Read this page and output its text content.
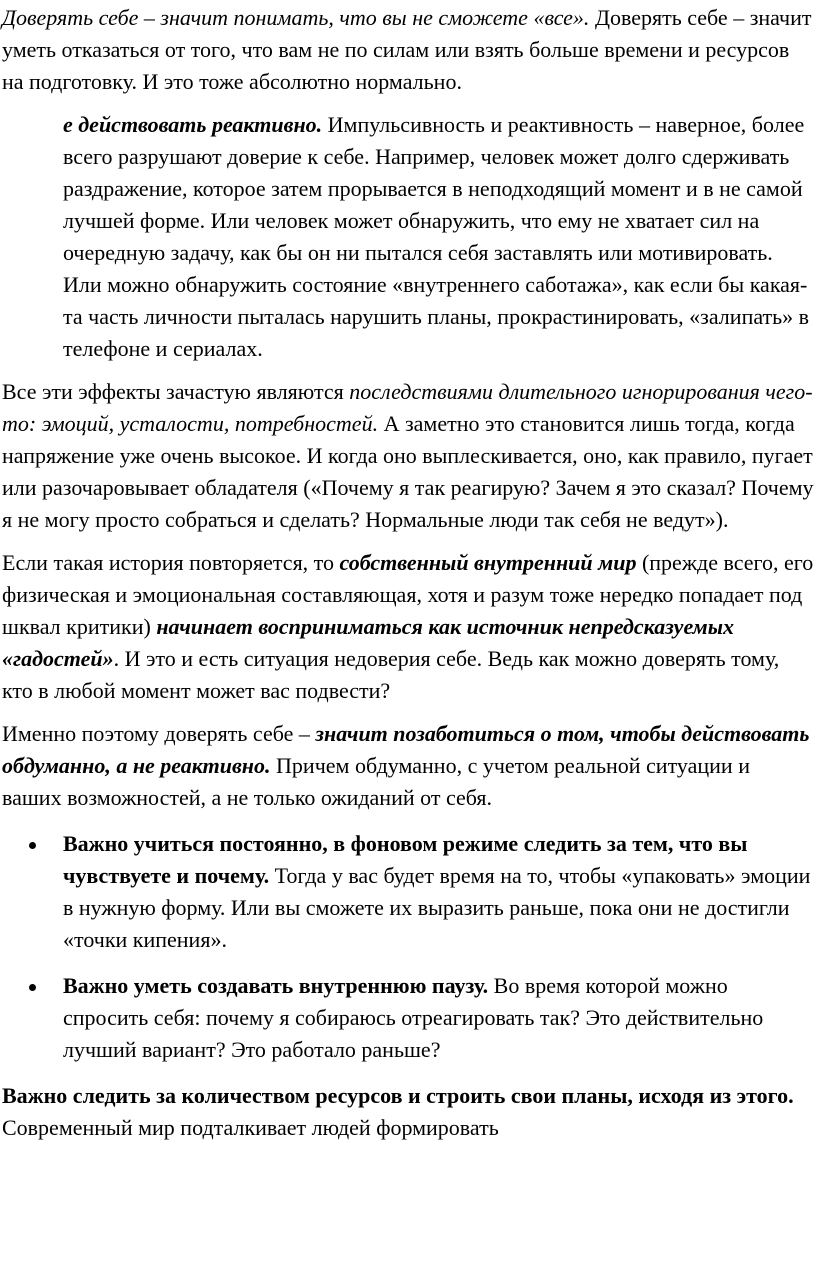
Доверять себе – значит понимать, что вы не сможете «все». Доверять себе – значит уметь отказаться от того, что вам не по силам или взять больше времени и ресурсов на подготовку. И это тоже абсолютно нормально.

е действовать реактивно. Импульсивность и реактивность – наверное, более всего разрушают доверие к себе. Например, человек может долго сдерживать раздражение, которое затем прорывается в неподходящий момент и в не самой лучшей форме. Или человек может обнаружить, что ему не хватает сил на очередную задачу, как бы он ни пытался себя заставлять или мотивировать. Или можно обнаружить состояние «внутреннего саботажа», как если бы какая-та часть личности пыталась нарушить планы, прокрастинировать, «залипать» в телефоне и сериалах.

Все эти эффекты зачастую являются последствиями длительного игнорирования чего-то: эмоций, усталости, потребностей. А заметно это становится лишь тогда, когда напряжение уже очень высокое. И когда оно выплескивается, оно, как правило, пугает или разочаровывает обладателя («Почему я так реагирую? Зачем я это сказал? Почему я не могу просто собраться и сделать? Нормальные люди так себя не ведут»).

Если такая история повторяется, то собственный внутренний мир (прежде всего, его физическая и эмоциональная составляющая, хотя и разум тоже нередко попадает под шквал критики) начинает восприниматься как источник непредсказуемых «гадостей». И это и есть ситуация недоверия себе. Ведь как можно доверять тому, кто в любой момент может вас подвести?

Именно поэтому доверять себе – значит позаботиться о том, чтобы действовать обдуманно, а не реактивно. Причем обдуманно, с учетом реальной ситуации и ваших возможностей, а не только ожиданий от себя.

Важно учиться постоянно, в фоновом режиме следить за тем, что вы чувствуете и почему. Тогда у вас будет время на то, чтобы «упаковать» эмоции в нужную форму. Или вы сможете их выразить раньше, пока они не достигли «точки кипения».
Важно уметь создавать внутреннюю паузу. Во время которой можно спросить себя: почему я собираюсь отреагировать так? Это действительно лучший вариант? Это работало раньше?

Важно следить за количеством ресурсов и строить свои планы, исходя из этого. Современный мир подталкивает людей формировать
